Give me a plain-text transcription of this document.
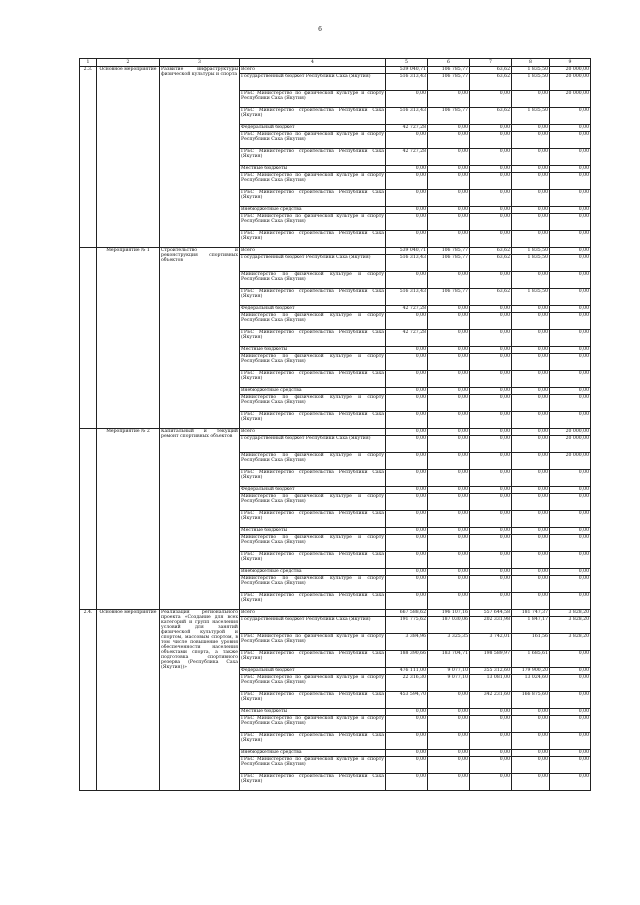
6
1	2	3	4	5	6	7	8	9
2.3.	Основное мероприятие	Развитие инфраструктуры физической культуры и спорта	Всего	539 040,71	106 785,77	63,62	1 835,50	20 000,00
			Государственный бюджет Республики Саха (Якутия)	516 313,43	106 785,77	63,62	1 835,50	20 000,00
			ГРБС Министерство по физической культуре и спорту Республики Саха (Якутия)	0,00	0,00	0,00	0,00	20 000,00
			ГРБС Министерство строительства Республики Саха (Якутия)	516 313,43	106 785,77	63,62	1 835,50	0,00
			Федеральный бюджет	42 727,28	0,00	0,00	0,00	0,00
			ГРБС Министерство по физической культуре и спорту Республики Саха (Якутия)	0,00	0,00	0,00	0,00	0,00
			ГРБС Министерство строительства Республики Саха (Якутия)	42 727,28	0,00	0,00	0,00	0,00
			Местные бюджеты	0,00	0,00	0,00	0,00	0,00
			ГРБС Министерство по физической культуре и спорту Республики Саха (Якутия)	0,00	0,00	0,00	0,00	0,00
			ГРБС Министерство строительства Республики Саха (Якутия)	0,00	0,00	0,00	0,00	0,00
			Внебюджетные средства	0,00	0,00	0,00	0,00	0,00
			ГРБС Министерство по физической культуре и спорту Республики Саха (Якутия)	0,00	0,00	0,00	0,00	0,00
			ГРБС Министерство строительства Республики Саха (Якутия)	0,00	0,00	0,00	0,00	0,00
	Мероприятие № 1	Строительство и реконструкция спортивных объектов	Всего	539 040,71	106 785,77	63,62	1 835,50	0,00
			Государственный бюджет Республики Саха (Якутия)	516 313,43	106 785,77	63,62	1 835,50	0,00
			Министерство по физической культуре и спорту Республики Саха (Якутия)	0,00	0,00	0,00	0,00	0,00
			ГРБС Министерство строительства Республики Саха (Якутия)	516 313,43	106 785,77	63,62	1 835,50	0,00
			Федеральный бюджет	42 727,28	0,00	0,00	0,00	0,00
			Министерство по физической культуре и спорту Республики Саха (Якутия)	0,00	0,00	0,00	0,00	0,00
			ГРБС Министерство строительства Республики Саха (Якутия)	42 727,28	0,00	0,00	0,00	0,00
			Местные бюджеты	0,00	0,00	0,00	0,00	0,00
			Министерство по физической культуре и спорту Республики Саха (Якутия)	0,00	0,00	0,00	0,00	0,00
			ГРБС Министерство строительства Республики Саха (Якутия)	0,00	0,00	0,00	0,00	0,00
			Внебюджетные средства	0,00	0,00	0,00	0,00	0,00
			Министерство по физической культуре и спорту Республики Саха (Якутия)	0,00	0,00	0,00	0,00	0,00
			ГРБС Министерство строительства Республики Саха (Якутия)	0,00	0,00	0,00	0,00	0,00
	Мероприятие № 2	Капитальный и текущий ремонт спортивных объектов	Всего	0,00	0,00	0,00	0,00	20 000,00
			Государственный бюджет Республики Саха (Якутия)	0,00	0,00	0,00	0,00	20 000,00
			Министерство по физической культуре и спорту Республики Саха (Якутия)	0,00	0,00	0,00	0,00	20 000,00
			ГРБС Министерство строительства Республики Саха (Якутия)	0,00	0,00	0,00	0,00	0,00
			Федеральный бюджет	0,00	0,00	0,00	0,00	0,00
			Министерство по физической культуре и спорту Республики Саха (Якутия)	0,00	0,00	0,00	0,00	0,00
			ГРБС Министерство строительства Республики Саха (Якутия)	0,00	0,00	0,00	0,00	0,00
			Местные бюджеты	0,00	0,00	0,00	0,00	0,00
			Министерство по физической культуре и спорту Республики Саха (Якутия)	0,00	0,00	0,00	0,00	0,00
			ГРБС Министерство строительства Республики Саха (Якутия)	0,00	0,00	0,00	0,00	0,00
			Внебюджетные средства	0,00	0,00	0,00	0,00	0,00
			Министерство по физической культуре и спорту Республики Саха (Якутия)	0,00	0,00	0,00	0,00	0,00
			ГРБС Министерство строительства Республики Саха (Якутия)	0,00	0,00	0,00	0,00	0,00
2.4.	Основное мероприятие	Реализация регионального проекта «Создание для всех категорий и групп населения условий для занятий физической культурой и спортом, массовым спортом, в том числе повышение уровня обеспеченности населения объектами спорта, а также подготовка спортивного резерва (Республика Саха (Якутия))»	Всего	667 588,62	196 107,16	557 644,58	181 747,37	3 828,20
			Государственный бюджет Республики Саха (Якутия)	191 775,62	187 030,06	202 331,98	1 847,17	3 828,20
			ГРБС Министерство по физической культуре и спорту Республики Саха (Якутия)	3 384,96	3 325,35	3 742,01	161,56	3 828,20
			ГРБС Министерство строительства Республики Саха (Якутия)	188 390,66	183 704,71	198 589,97	1 685,61	0,00
			Федеральный бюджет	476 111,00	9 077,10	355 312,60	179 900,20	0,00
			ГРБС Министерство по физической культуре и спорту Республики Саха (Якутия)	22 316,30	9 077,10	13 081,00	13 024,60	0,00
			ГРБС Министерство строительства Республики Саха (Якутия)	453 594,70	0,00	342 231,60	166 875,60	0,00
			Местные бюджеты	0,00	0,00	0,00	0,00	0,00
			ГРБС Министерство по физической культуре и спорту Республики Саха (Якутия)	0,00	0,00	0,00	0,00	0,00
			ГРБС Министерство строительства Республики Саха (Якутия)	0,00	0,00	0,00	0,00	0,00
			Внебюджетные средства	0,00	0,00	0,00	0,00	0,00
			ГРБС Министерство по физической культуре и спорту Республики Саха (Якутия)	0,00	0,00	0,00	0,00	0,00
			ГРБС Министерство строительства Республики Саха (Якутия)	0,00	0,00	0,00	0,00	0,00
